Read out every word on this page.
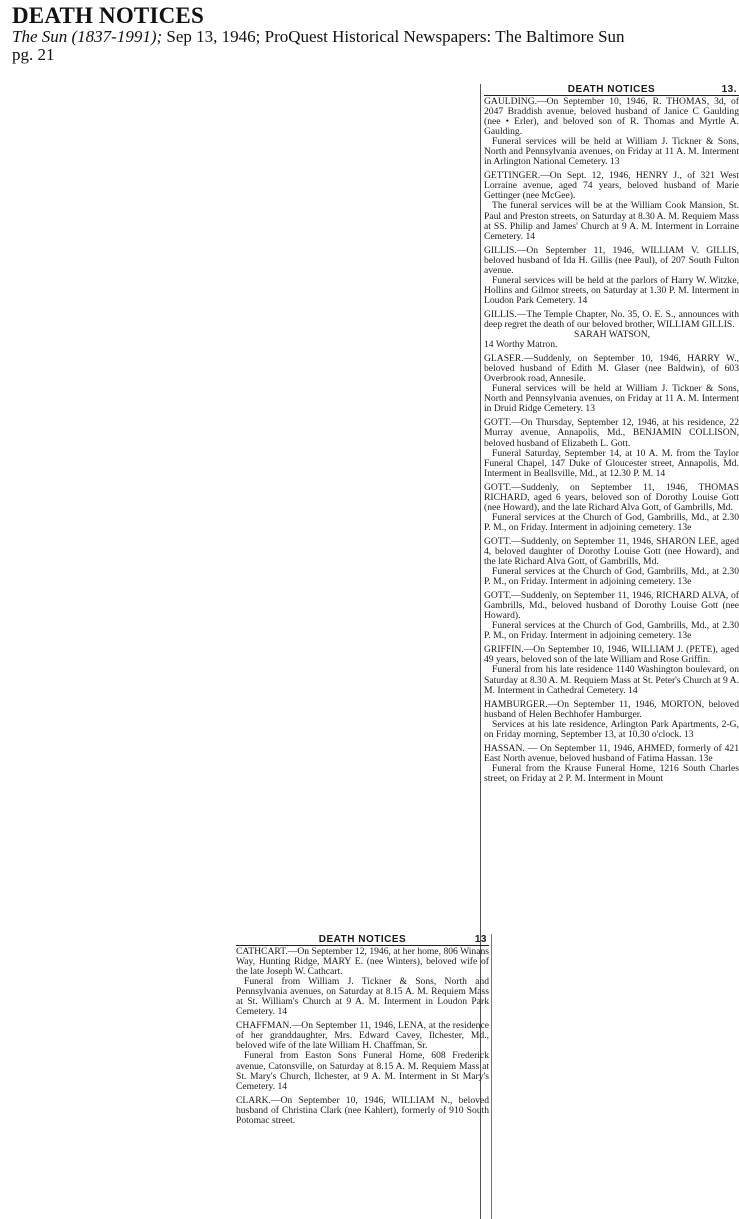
DEATH NOTICES

The Sun (1837-1991); Sep 13, 1946; ProQuest Historical Newspapers: The Baltimore Sun

pg. 21

DEATH NOTICES	13.

GAULDING.—On September 10, 1946, R. THOMAS, 3d, of 2047 Braddish avenue, beloved husband of Janice C Gaulding (nee • Erler), and beloved son of R. Thomas and Myrtle A. Gaulding.

Funeral services will be held at William J. Tickner & Sons, North and Pennsylvania avenues, on Friday at 11 A. M. Interment in Arlington National Cemetery. 13

GETTINGER.—On Sept. 12, 1946, HENRY J., of 321 West Lorraine avenue, aged 74 years, beloved husband of Marie Gettinger (nee McGee).

The funeral services will be at the William Cook Mansion, St. Paul and Preston streets, on Saturday at 8.30 A. M. Requiem Mass at SS. Philip and James' Church at 9 A. M. Interment in Lorraine Cemetery. 14

GILLIS.—On September 11, 1946, WILLIAM V. GILLIS, beloved husband of Ida H. Gillis (nee Paul), of 207 South Fulton avenue.

Funeral services will be held at the parlors of Harry W. Witzke, Hollins and Gilmor streets, on Saturday at 1.30 P. M. Interment in Loudon Park Cemetery. 14

GILLIS.—The Temple Chapter, No. 35, O. E. S., announces with deep regret the death of our beloved brother, WILLIAM GILLIS.

SARAH WATSON,
14 Worthy Matron.

GLASER.—Suddenly, on September 10, 1946, HARRY W., beloved husband of Edith M. Glaser (nee Baldwin), of 603 Overbrook road, Annesile.

Funeral services will be held at William J. Tickner & Sons, North and Pennsylvania avenues, on Friday at 11 A. M. Interment in Druid Ridge Cemetery. 13

GOTT.—On Thursday, September 12, 1946, at his residence, 22 Murray avenue, Annapolis, Md., BENJAMIN COLLISON, beloved husband of Elizabeth L. Gott.

Funeral Saturday, September 14, at 10 A. M. from the Taylor Funeral Chapel, 147 Duke of Gloucester street, Annapolis, Md. Interment in Beallsville, Md., at 12.30 P. M. 14

GOTT.—Suddenly, on September 11, 1946, THOMAS RICHARD, aged 6 years, beloved son of Dorothy Louise Gott (nee Howard), and the late Richard Alva Gott, of Gambrills, Md.

Funeral services at the Church of God, Gambrills, Md., at 2.30 P. M., on Friday. Interment in adjoining cemetery. 13e

GOTT.—Suddenly, on September 11, 1946, SHARON LEE, aged 4, beloved daughter of Dorothy Louise Gott (nee Howard), and the late Richard Alva Gott, of Gambrills, Md.

Funeral services at the Church of God, Gambrills, Md., at 2.30 P. M., on Friday. Interment in adjoining cemetery. 13e

GOTT.—Suddenly, on September 11, 1946, RICHARD ALVA, of Gambrills, Md., beloved husband of Dorothy Louise Gott (nee Howard).

Funeral services at the Church of God, Gambrills, Md., at 2.30 P. M., on Friday. Interment in adjoining cemetery. 13e

GRIFFIN.—On September 10, 1946, WILLIAM J. (PETE), aged 49 years, beloved son of the late William and Rose Griffin.

Funeral from his late residence 1140 Washington boulevard, on Saturday at 8.30 A. M. Requiem Mass at St. Peter's Church at 9 A. M. Interment in Cathedral Cemetery. 14

HAMBURGER.—On September 11, 1946, MORTON, beloved husband of Helen Bechhofer Hamburger.

Services at his late residence, Arlington Park Apartments, 2-G, on Friday morning, September 13, at 10.30 o'clock. 13

HASSAN. — On September 11, 1946, AHMED, formerly of 421 East North avenue, beloved husband of Fatima Hassan. 13e

Funeral from the Krause Funeral Home, 1216 South Charles street, on Friday at 2 P. M. Interment in Mount

DEATH NOTICES	13

CATHCART.—On September 12, 1946, at her home, 806 Winans Way, Hunting Ridge, MARY E. (nee Winters), beloved wife of the late Joseph W. Cathcart.

Funeral from William J. Tickner & Sons, North and Pennsylvania avenues, on Saturday at 8.15 A. M. Requiem Mass at St. William's Church at 9 A. M. Interment in Loudon Park Cemetery. 14

CHAFFMAN.—On September 11, 1946, LENA, at the residence of her granddaughter, Mrs. Edward Cavey, Ilchester, Md., beloved wife of the late William H. Chaffman, Sr.

Funeral from Easton Sons Funeral Home, 608 Frederick avenue, Catonsville, on Saturday at 8.15 A. M. Requiem Mass at St. Mary's Church, Ilchester, at 9 A. M. Interment in St Mary's Cemetery. 14

CLARK.—On September 10, 1946, WILLIAM N., beloved husband of Christina Clark (nee Kahlert), formerly of 910 South Potomac street.
